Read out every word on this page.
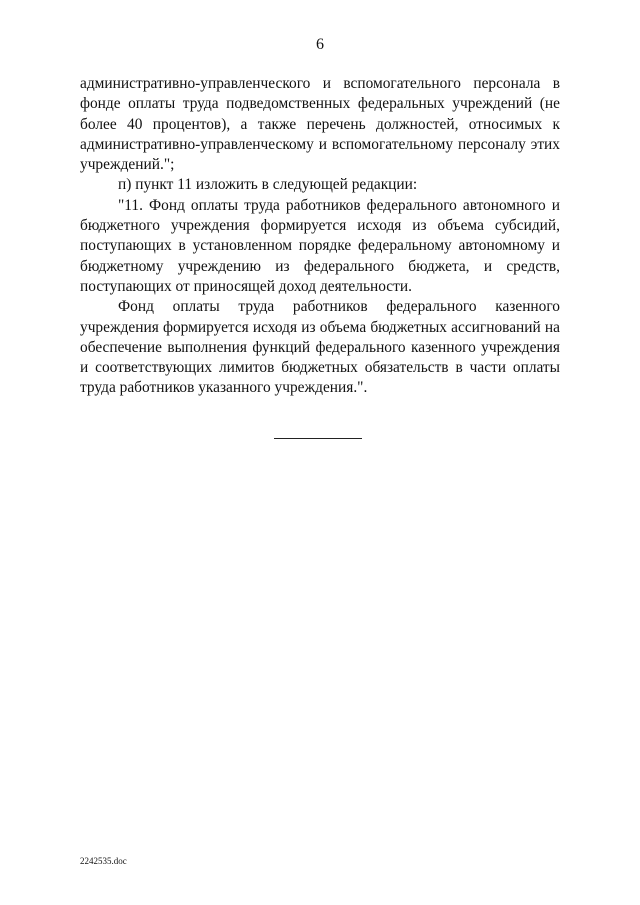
6

административно-управленческого и вспомогательного персонала в фонде оплаты труда подведомственных федеральных учреждений (не более 40 процентов), а также перечень должностей, относимых к административно-управленческому и вспомогательному персоналу этих учреждений.";

п) пункт 11 изложить в следующей редакции:

"11. Фонд оплаты труда работников федерального автономного и бюджетного учреждения формируется исходя из объема субсидий, поступающих в установленном порядке федеральному автономному и бюджетному учреждению из федерального бюджета, и средств, поступающих от приносящей доход деятельности.

Фонд оплаты труда работников федерального казенного учреждения формируется исходя из объема бюджетных ассигнований на обеспечение выполнения функций федерального казенного учреждения и соответствующих лимитов бюджетных обязательств в части оплаты труда работников указанного учреждения.".

2242535.doc
